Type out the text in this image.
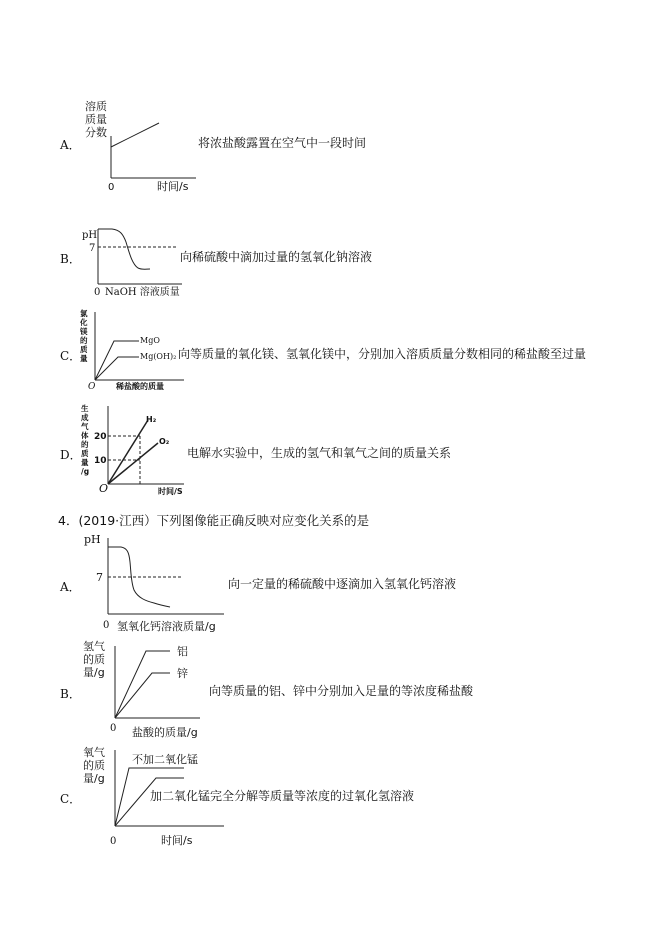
A．	将浓盐酸露置在空气中一段时间
溶质
质量
分数
0	时间/s
B．	向稀硫酸中滴加过量的氢氧化钠溶液
pH
7
0 NaOH 溶液质量
C．	向等质量的氧化镁、氢氧化镁中，分别加入溶质质量分数相同的稀盐酸至过量
氯
化
镁
的
质
量
MgO
Mg(OH)₂
O	稀盐酸的质量
D．	电解水实验中，生成的氢气和氧气之间的质量关系
生
成
气
体
的
质
量
/g
20
10
H₂
O₂
O	时间/S
4．(2019·江西）下列图像能正确反映对应变化关系的是
A．	向一定量的稀硫酸中逐滴加入氢氧化钙溶液
pH
7
0 氢氧化钙溶液质量/g
B．	向等质量的铝、锌中分别加入足量的等浓度稀盐酸
氢气
的质
量/g
铝
锌
0 盐酸的质量/g
C．	加二氧化锰完全分解等质量等浓度的过氧化氢溶液
氧气
的质
量/g
不加二氧化锰
0	时间/s
